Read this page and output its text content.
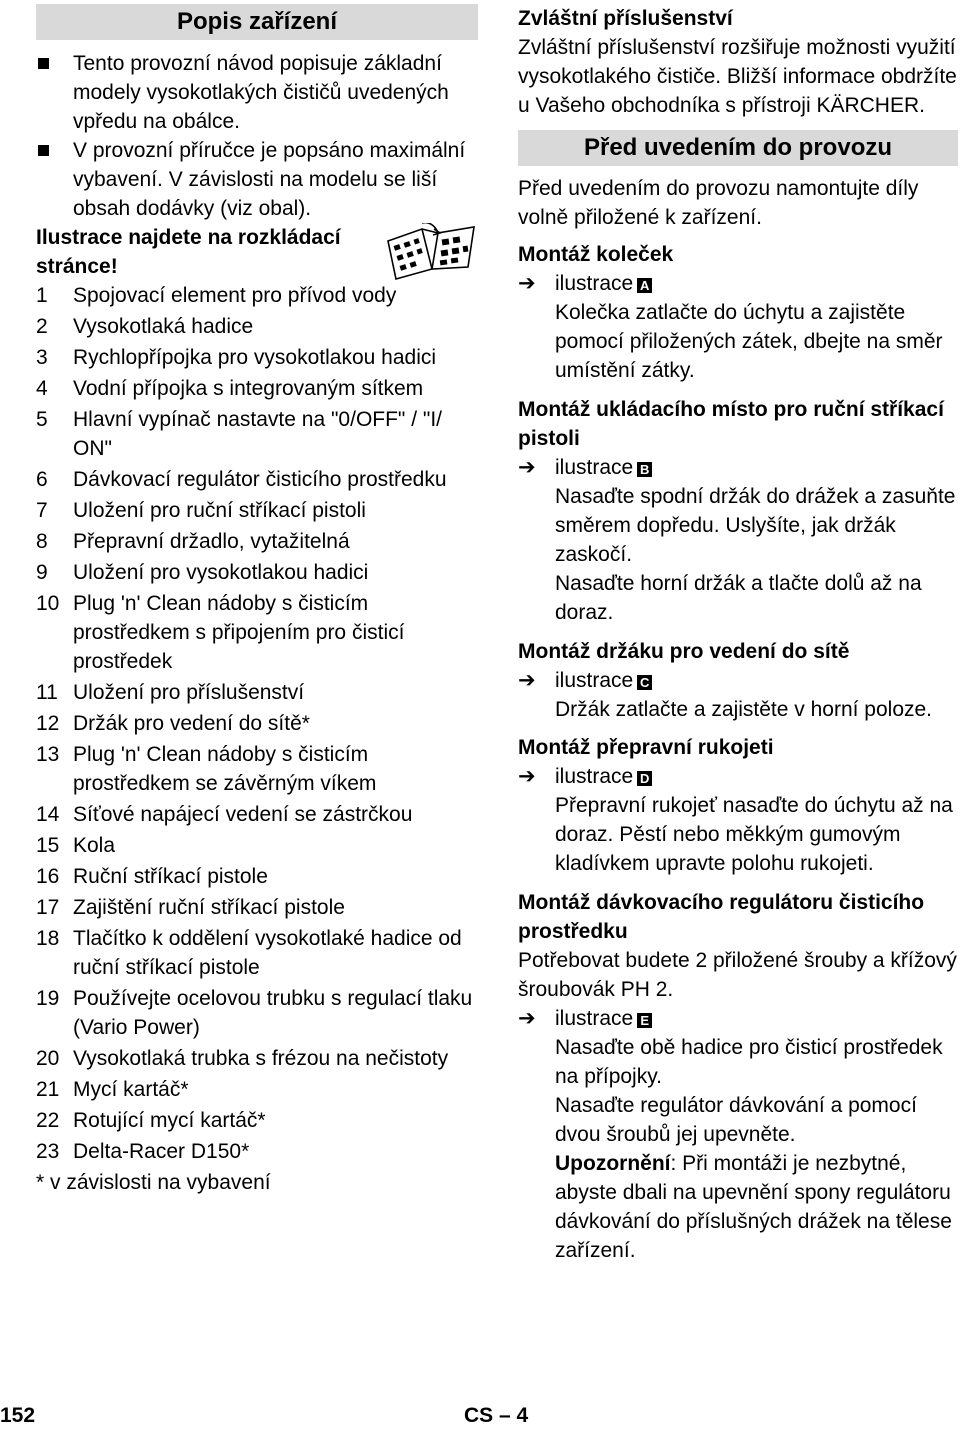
Popis zařízení
Tento provozní návod popisuje základní modely vysokotlakých čističů uvedených vpředu na obálce.
V provozní příručce je popsáno maximální vybavení. V závislosti na modelu se liší obsah dodávky (viz obal).

Ilustrace najdete na rozkládací stránce!

1 Spojovací element pro přívod vody
2 Vysokotlaká hadice
3 Rychlopřípojka pro vysokotlakou hadici
4 Vodní přípojka s integrovaným sítkem
5 Hlavní vypínač nastavte na "0/OFF" / "I/ ON"
6 Dávkovací regulátor čisticího prostředku
7 Uložení pro ruční stříkací pistoli
8 Přepravní držadlo, vytažitelná
9 Uložení pro vysokotlakou hadici
10 Plug 'n' Clean nádoby s čisticím prostředkem s připojením pro čisticí prostředek
11 Uložení pro příslušenství
12 Držák pro vedení do sítě*
13 Plug 'n' Clean nádoby s čisticím prostředkem se závěrným víkem
14 Síťové napájecí vedení se zástrčkou
15 Kola
16 Ruční stříkací pistole
17 Zajištění ruční stříkací pistole
18 Tlačítko k oddělení vysokotlaké hadice od ruční stříkací pistole
19 Používejte ocelovou trubku s regulací tlaku (Vario Power)
20 Vysokotlaká trubka s frézou na nečistoty
21 Mycí kartáč*
22 Rotující mycí kartáč*
23 Delta-Racer D150*

* v závislosti na vybavení

Zvláštní příslušenství

Zvláštní příslušenství rozšiřuje možnosti využití vysokotlakého čističe. Bližší informace obdržíte u Vašeho obchodníka s přístroji KÄRCHER.

Před uvedením do provozu

Před uvedením do provozu namontujte díly volně přiložené k zařízení.

Montáž koleček

➔ ilustrace A

Kolečka zatlačte do úchytu a zajistěte pomocí přiložených zátek, dbejte na směr umístění zátky.

Montáž ukládacího místo pro ruční stříkací pistoli

➔ ilustrace B

Nasaďte spodní držák do drážek a zasuňte směrem dopředu. Uslyšíte, jak držák zaskočí.

Nasaďte horní držák a tlačte dolů až na doraz.

Montáž držáku pro vedení do sítě

➔ ilustrace C

Držák zatlačte a zajistěte v horní poloze.

Montáž přepravní rukojeti

➔ ilustrace D

Přepravní rukojeť nasaďte do úchytu až na doraz. Pěstí nebo měkkým gumovým kladívkem upravte polohu rukojeti.

Montáž dávkovacího regulátoru čisticího prostředku

Potřebovat budete 2 přiložené šrouby a křížový šroubovák PH 2.

➔ ilustrace E

Nasaďte obě hadice pro čisticí prostředek na přípojky.

Nasaďte regulátor dávkování a pomocí dvou šroubů jej upevněte.

Upozornění: Při montáži je nezbytné, abyste dbali na upevnění spony regulátoru dávkování do příslušných drážek na tělese zařízení.

152	CS – 4
